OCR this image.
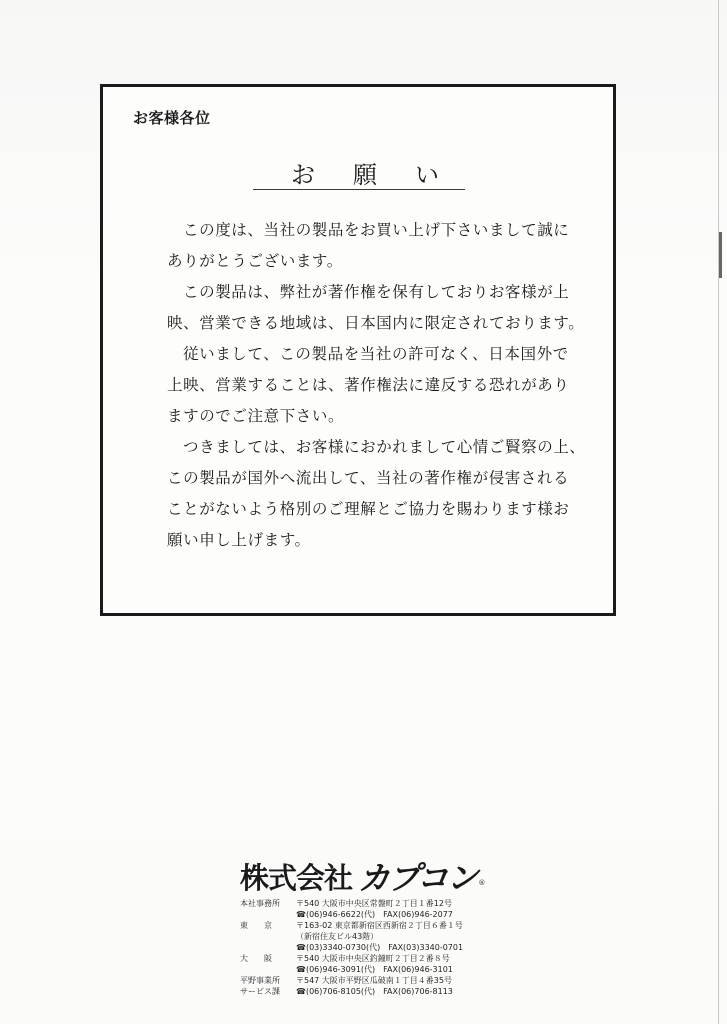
お客様各位
お願い
この度は、当社の製品をお買い上げ下さいまして誠に
ありがとうございます。
この製品は、弊社が著作権を保有しておりお客様が上
映、営業できる地域は、日本国内に限定されております。
従いまして、この製品を当社の許可なく、日本国外で
上映、営業することは、著作権法に違反する恐れがあり
ますのでご注意下さい。
つきましては、お客様におかれまして心情ご賢察の上、
この製品が国外へ流出して、当社の著作権が侵害される
ことがないよう格別のご理解とご協力を賜わります様お
願い申し上げます。
株式会社 カプコン ®
本社事務所	〒540 大阪市中央区常盤町２丁目１番12号
☎(06)946-6622(代)　FAX(06)946-2077
東　　京	〒163-02 東京都新宿区西新宿２丁目６番１号
（新宿住友ビル43階）
☎(03)3340-0730(代)　FAX(03)3340-0701
大　　阪	〒540 大阪市中央区釣鐘町２丁目２番８号
☎(06)946-3091(代)　FAX(06)946-3101
平野事業所	〒547 大阪市平野区瓜破南１丁目４番35号
サービス課	☎(06)706-8105(代)　FAX(06)706-8113
